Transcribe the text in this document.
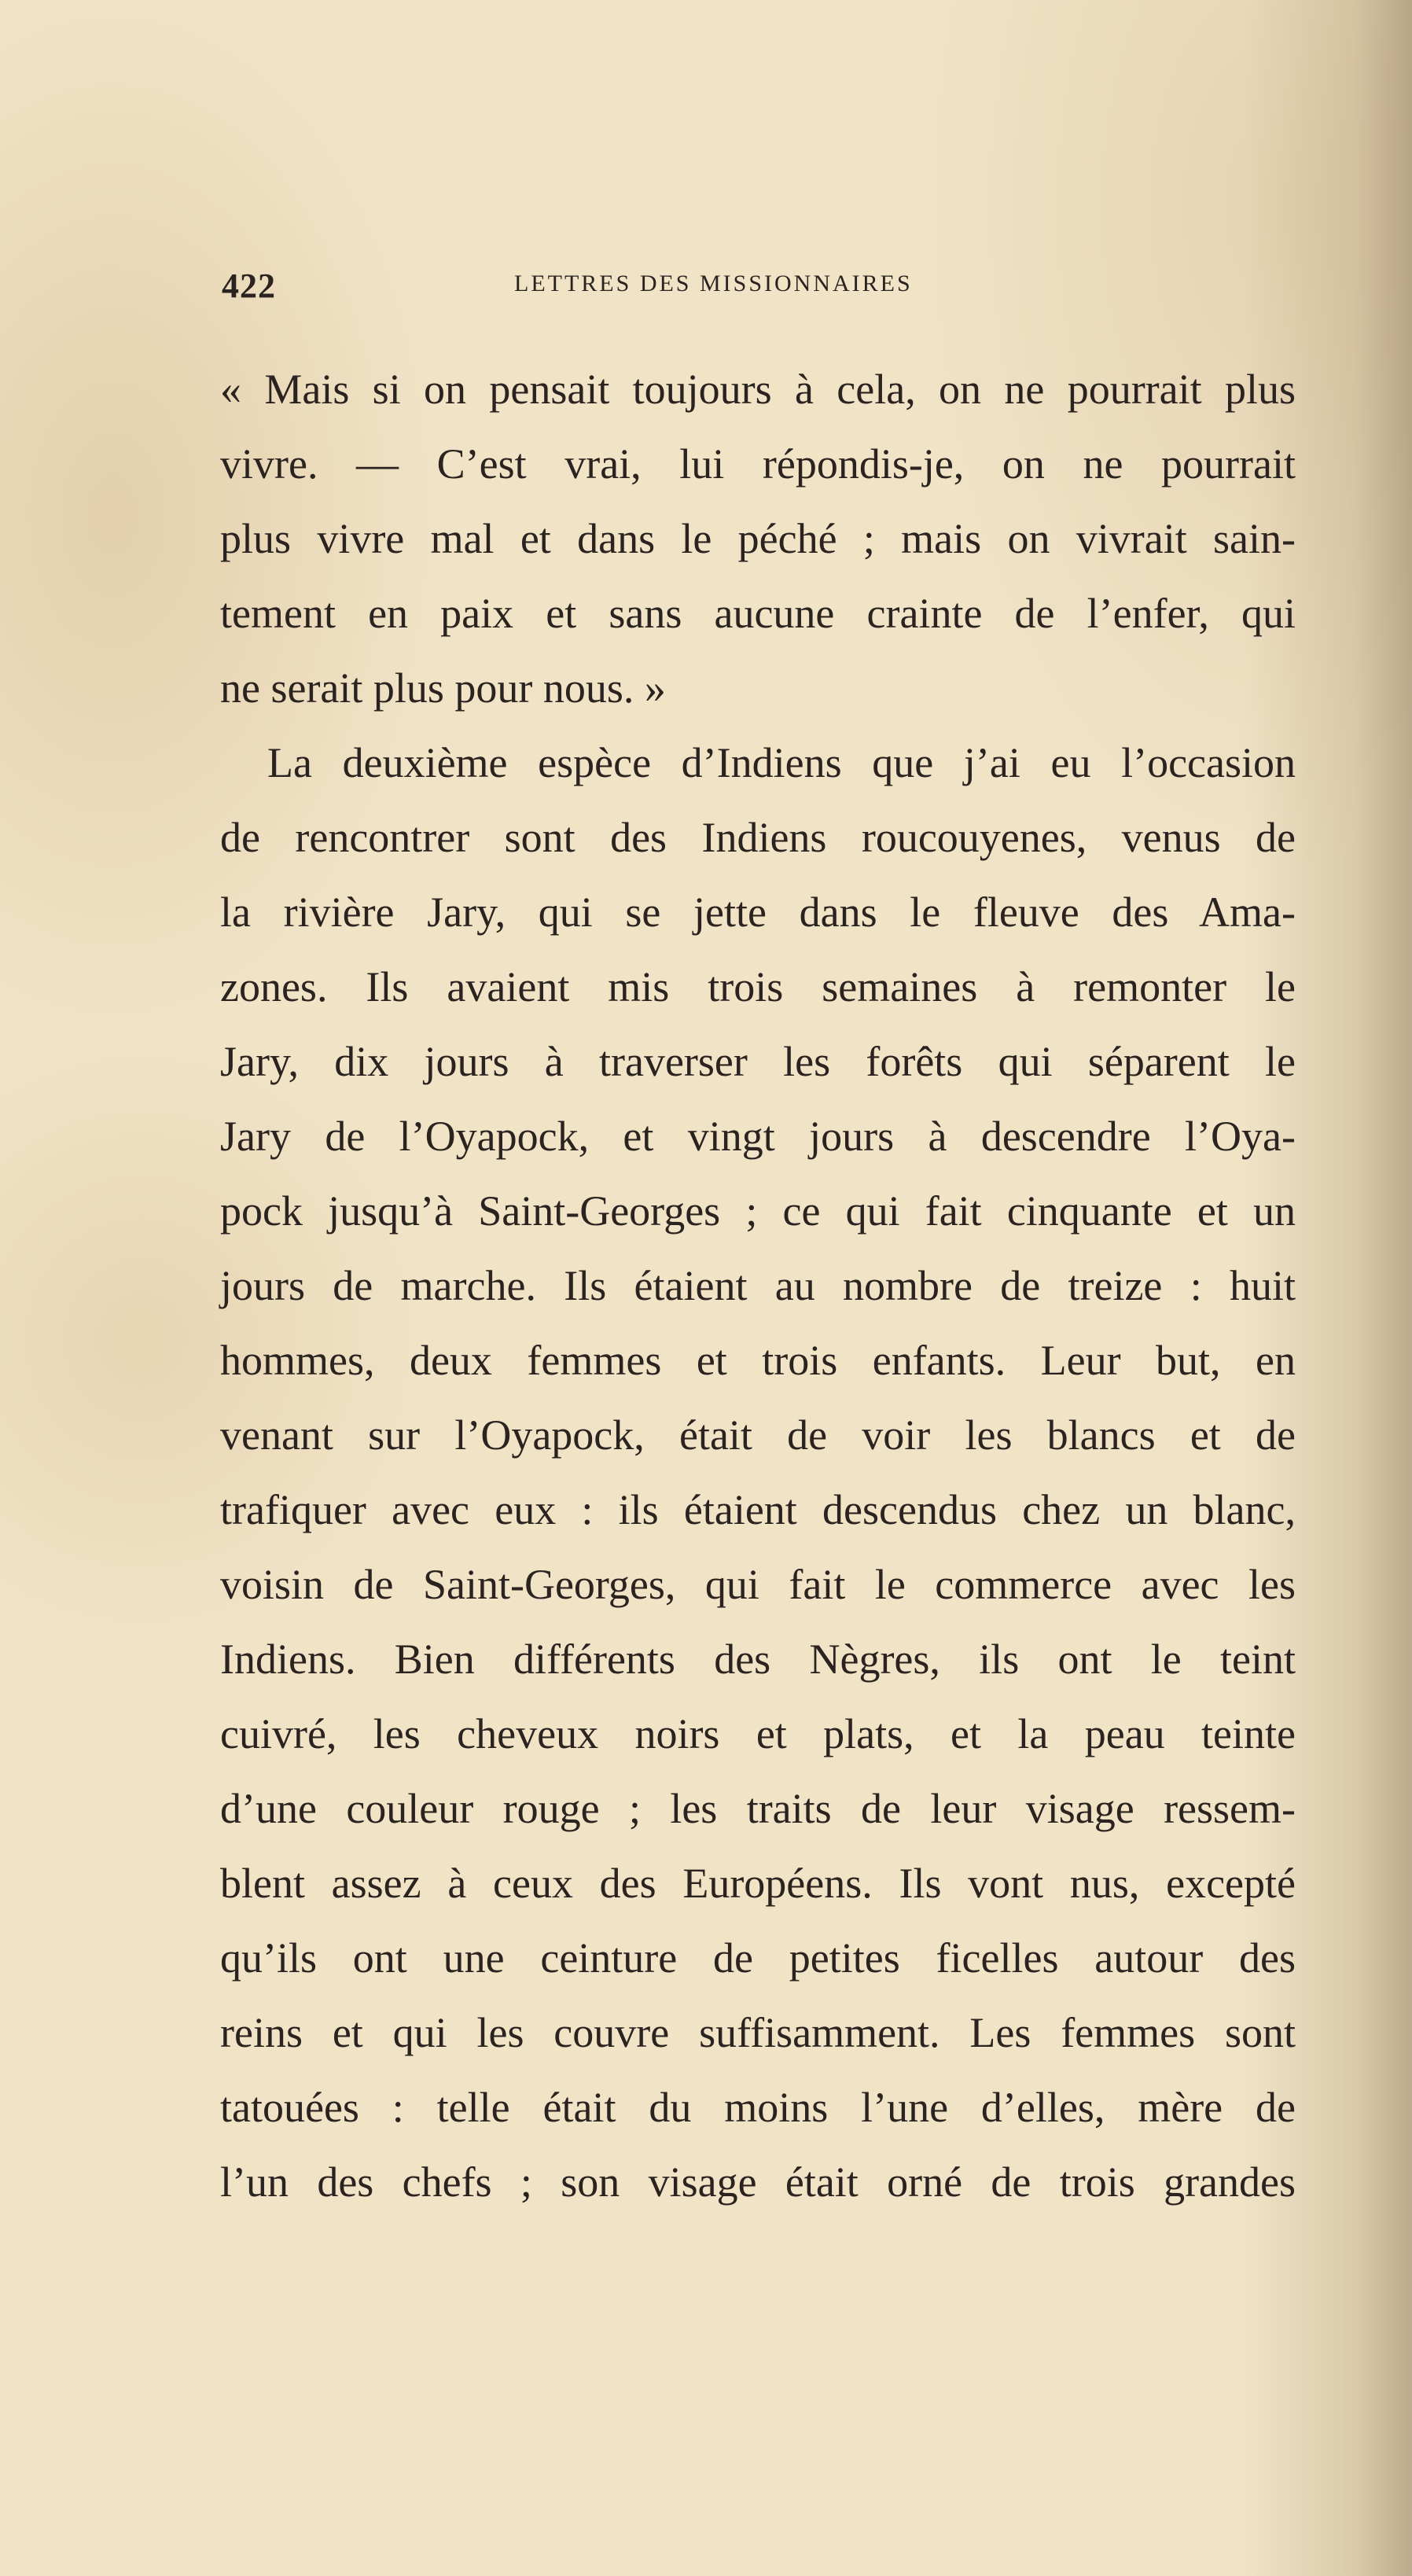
422	LETTRES DES MISSIONNAIRES
« Mais si on pensait toujours à cela, on ne pourrait plus
vivre. — C’est vrai, lui répondis-je, on ne pourrait
plus vivre mal et dans le péché ; mais on vivrait sain-
tement en paix et sans aucune crainte de l’enfer, qui
ne serait plus pour nous. »
La deuxième espèce d’Indiens que j’ai eu l’occasion
de rencontrer sont des Indiens roucouyenes, venus de
la rivière Jary, qui se jette dans le fleuve des Ama-
zones. Ils avaient mis trois semaines à remonter le
Jary, dix jours à traverser les forêts qui séparent le
Jary de l’Oyapock, et vingt jours à descendre l’Oya-
pock jusqu’à Saint-Georges ; ce qui fait cinquante et un
jours de marche. Ils étaient au nombre de treize : huit
hommes, deux femmes et trois enfants. Leur but, en
venant sur l’Oyapock, était de voir les blancs et de
trafiquer avec eux : ils étaient descendus chez un blanc,
voisin de Saint-Georges, qui fait le commerce avec les
Indiens. Bien différents des Nègres, ils ont le teint
cuivré, les cheveux noirs et plats, et la peau teinte
d’une couleur rouge ; les traits de leur visage ressem-
blent assez à ceux des Européens. Ils vont nus, excepté
qu’ils ont une ceinture de petites ficelles autour des
reins et qui les couvre suffisamment. Les femmes sont
tatouées : telle était du moins l’une d’elles, mère de
l’un des chefs ; son visage était orné de trois grandes
